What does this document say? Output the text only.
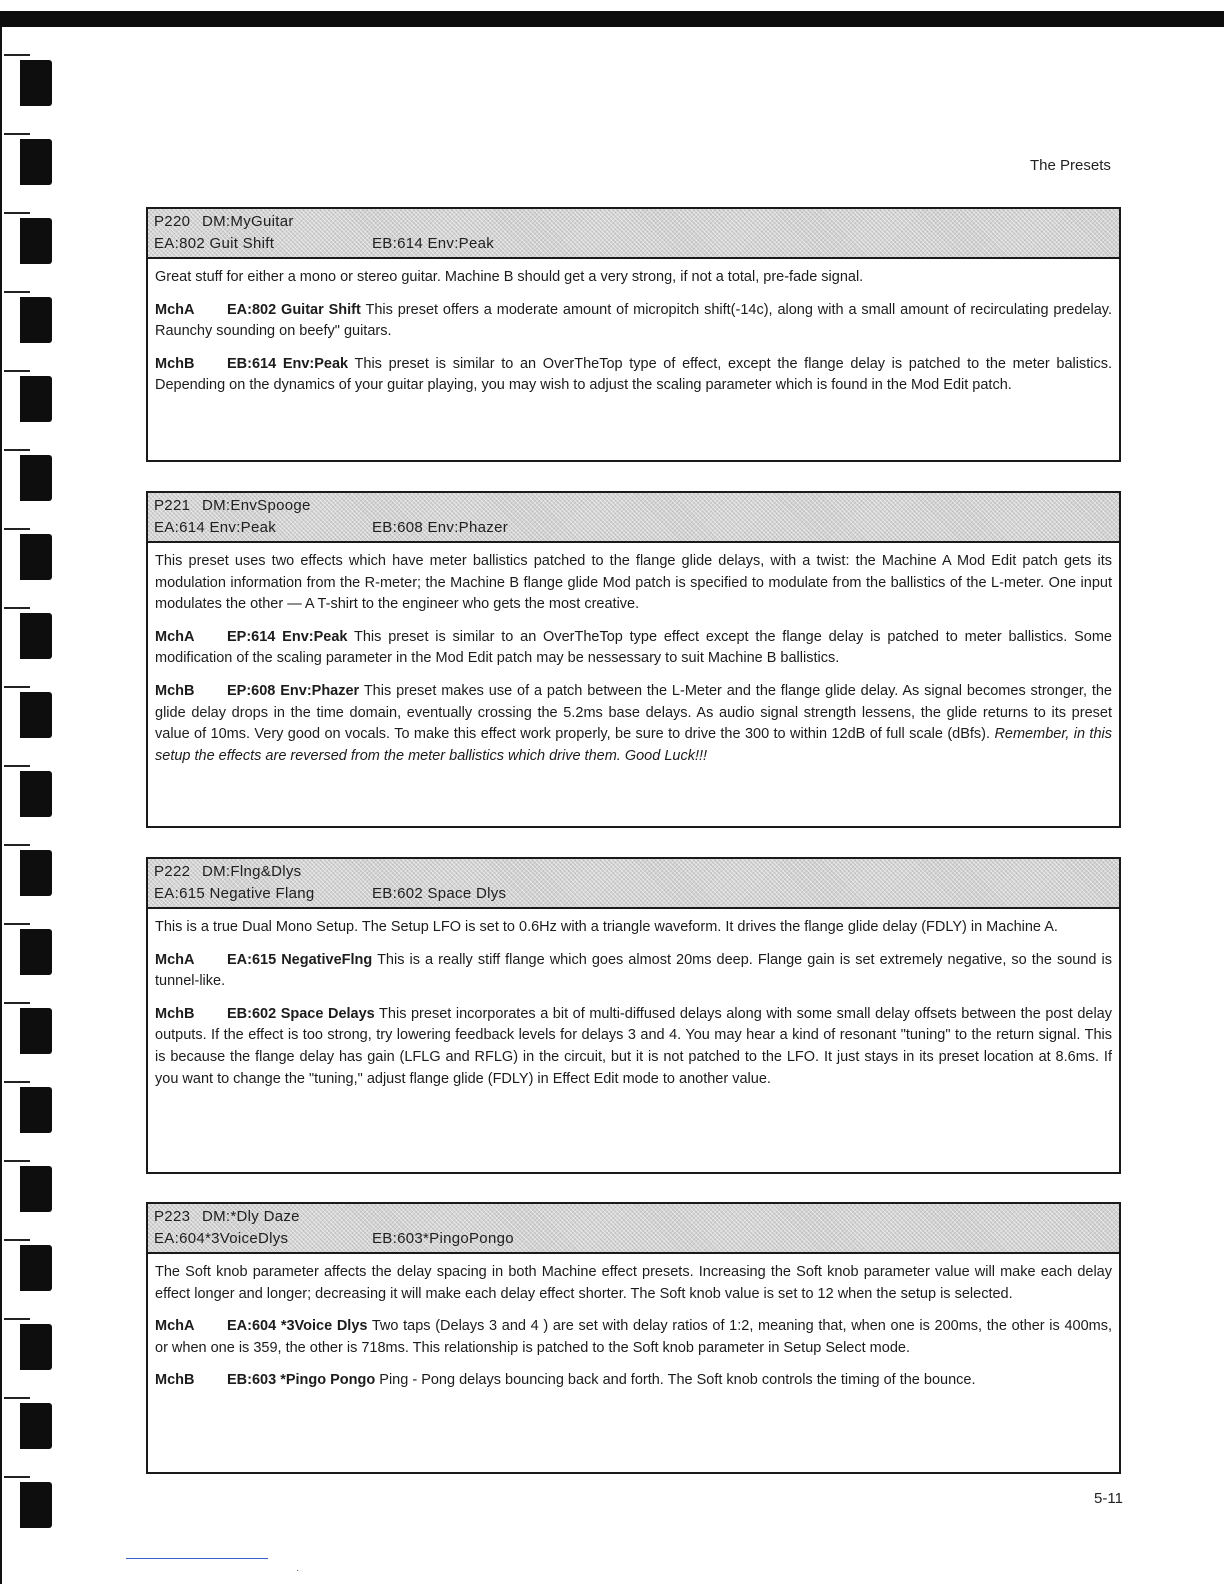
The Presets
P220 DM:MyGuitar
EA:802 Guit Shift	EB:614 Env:Peak

Great stuff for either a mono or stereo guitar. Machine B should get a very strong, if not a total, pre-fade signal.

MchA EA:802 Guitar Shift This preset offers a moderate amount of micropitch shift(-14c), along with a small amount of recirculating predelay. Raunchy sounding on beefy" guitars.

MchB EB:614 Env:Peak This preset is similar to an OverTheTop type of effect, except the flange delay is patched to the meter balistics. Depending on the dynamics of your guitar playing, you may wish to adjust the scaling parameter which is found in the Mod Edit patch.

P221 DM:EnvSpooge
EA:614 Env:Peak	EB:608 Env:Phazer

This preset uses two effects which have meter ballistics patched to the flange glide delays, with a twist: the Machine A Mod Edit patch gets its modulation information from the R-meter; the Machine B flange glide Mod patch is specified to modulate from the ballistics of the L-meter. One input modulates the other — A T-shirt to the engineer who gets the most creative.

MchA EP:614 Env:Peak This preset is similar to an OverTheTop type effect except the flange delay is patched to meter ballistics. Some modification of the scaling parameter in the Mod Edit patch may be nessessary to suit Machine B ballistics.

MchB EP:608 Env:Phazer This preset makes use of a patch between the L-Meter and the flange glide delay. As signal becomes stronger, the glide delay drops in the time domain, eventually crossing the 5.2ms base delays. As audio signal strength lessens, the glide returns to its preset value of 10ms. Very good on vocals. To make this effect work properly, be sure to drive the 300 to within 12dB of full scale (dBfs). Remember, in this setup the effects are reversed from the meter ballistics which drive them. Good Luck!!!

P222 DM:Flng&Dlys
EA:615 Negative Flang	EB:602 Space Dlys

This is a true Dual Mono Setup. The Setup LFO is set to 0.6Hz with a triangle waveform. It drives the flange glide delay (FDLY) in Machine A.

MchA EA:615 NegativeFlng This is a really stiff flange which goes almost 20ms deep. Flange gain is set extremely negative, so the sound is tunnel-like.

MchB EB:602 Space Delays This preset incorporates a bit of multi-diffused delays along with some small delay offsets between the post delay outputs. If the effect is too strong, try lowering feedback levels for delays 3 and 4. You may hear a kind of resonant "tuning" to the return signal. This is because the flange delay has gain (LFLG and RFLG) in the circuit, but it is not patched to the LFO. It just stays in its preset location at 8.6ms. If you want to change the "tuning," adjust flange glide (FDLY) in Effect Edit mode to another value.

P223 DM:*Dly Daze
EA:604*3VoiceDlys	EB:603*PingoPongo

The Soft knob parameter affects the delay spacing in both Machine effect presets. Increasing the Soft knob parameter value will make each delay effect longer and longer; decreasing it will make each delay effect shorter. The Soft knob value is set to 12 when the setup is selected.

MchA EA:604 *3Voice Dlys Two taps (Delays 3 and 4 ) are set with delay ratios of 1:2, meaning that, when one is 200ms, the other is 400ms, or when one is 359, the other is 718ms. This relationship is patched to the Soft knob parameter in Setup Select mode.

MchB EB:603 *Pingo Pongo Ping - Pong delays bouncing back and forth. The Soft knob controls the timing of the bounce.

5-11
·
